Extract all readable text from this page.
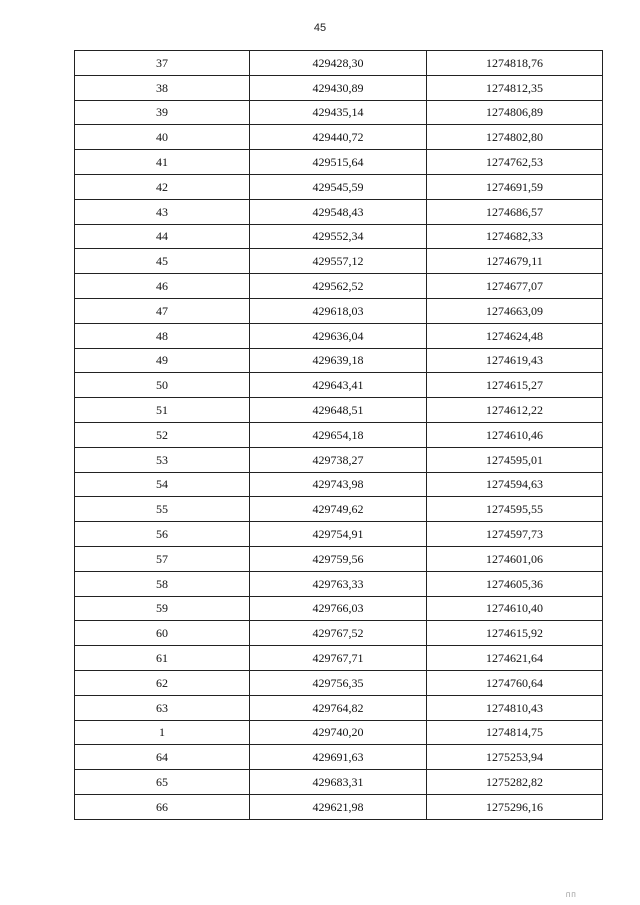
45
37	429428,30	1274818,76
38	429430,89	1274812,35
39	429435,14	1274806,89
40	429440,72	1274802,80
41	429515,64	1274762,53
42	429545,59	1274691,59
43	429548,43	1274686,57
44	429552,34	1274682,33
45	429557,12	1274679,11
46	429562,52	1274677,07
47	429618,03	1274663,09
48	429636,04	1274624,48
49	429639,18	1274619,43
50	429643,41	1274615,27
51	429648,51	1274612,22
52	429654,18	1274610,46
53	429738,27	1274595,01
54	429743,98	1274594,63
55	429749,62	1274595,55
56	429754,91	1274597,73
57	429759,56	1274601,06
58	429763,33	1274605,36
59	429766,03	1274610,40
60	429767,52	1274615,92
61	429767,71	1274621,64
62	429756,35	1274760,64
63	429764,82	1274810,43
1	429740,20	1274814,75
64	429691,63	1275253,94
65	429683,31	1275282,82
66	429621,98	1275296,16
ПП
